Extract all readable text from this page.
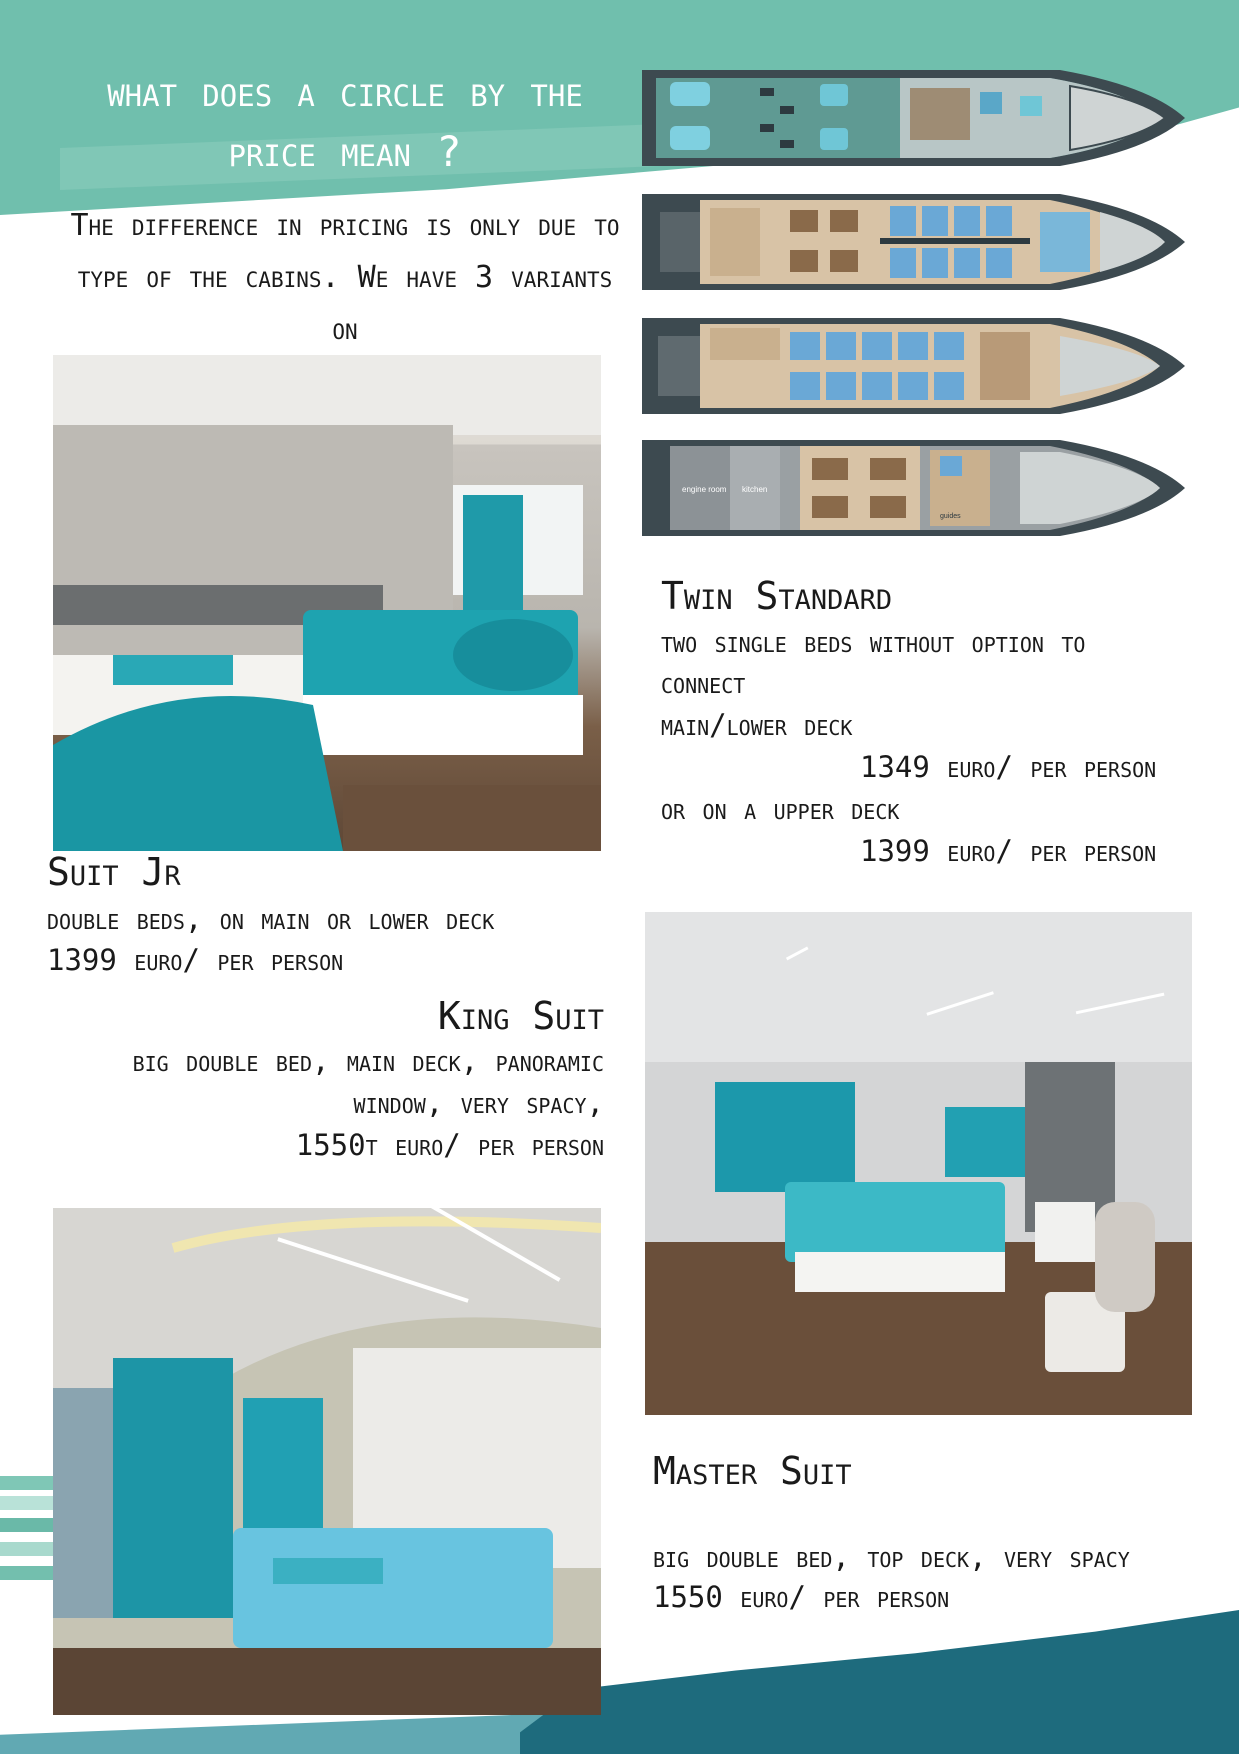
what does a circle by the
price mean ?
The difference in pricing is only due to
type of the cabins. We have 3 variants on
engine room kitchen
guides
Twin Standard
two single beds without option to
connect
main/lower deck
1349 euro/ per person
or on a upper deck
1399 euro/ per person
Suit Jr
double beds, on main or lower deck
1399 euro/ per person
King Suit
big double bed, main deck, panoramic
window, very spacy,
1550t euro/ per person
Master Suit
big double bed, top deck, very spacy
1550 euro/ per person
